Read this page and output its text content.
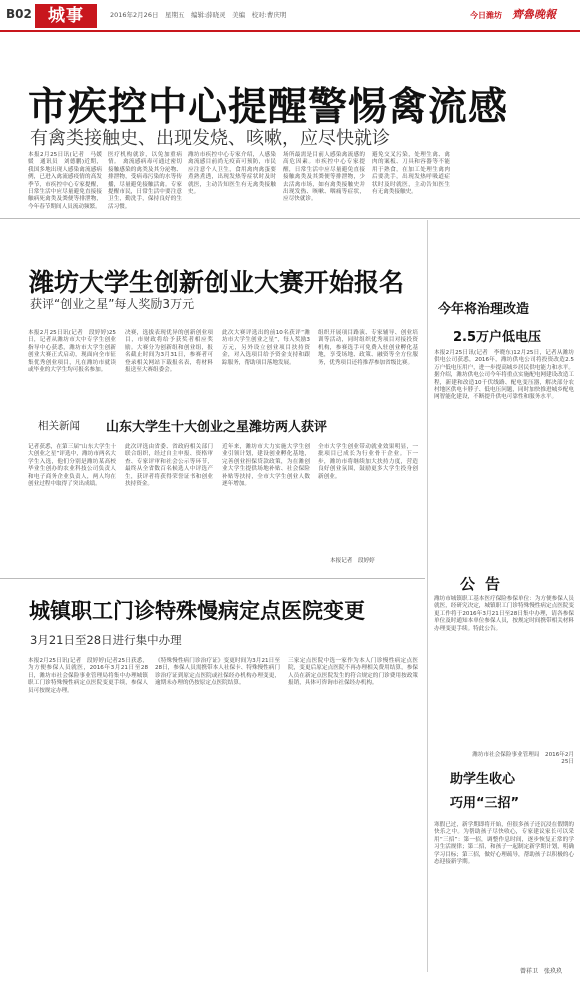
B02 城事	2016年2月26日　星期五　编辑:薛晓灵　美编　校对:曹庆明	今日潍坊 齊魯晚報
市疾控中心提醒警惕禽流感
有禽类接触史、出现发烧、咳嗽，应尽快就诊
本报2月25日讯(记者　马媛媛　通讯员　刘德鹏)近期，我国多地出现人感染禽流感病例，已进入禽流感疫情的高发季节，市疾控中心专家提醒，日常生活中应尽量避免直接接触病死禽类及粪便等排泄物，今年春节期间人员流动频繁。
医疗机构就诊，以免加重病情。　禽流感病毒可通过密切接触感染的禽类及其分泌物、排泄物，受病毒污染的水等传播，尽量避免接触活禽。专家提醒市民，日常生活中要注意卫生，勤洗手，保持良好的生活习惯。
潍坊市疾控中心专家介绍，人感染禽流感目前尚无疫苗可预防，市民应注意个人卫生，食用禽肉禽蛋要煮熟煮透，出现发热等症状时及时就医，主动告知医生有无禽类接触史。
场所最需是目前人感染禽流感的高危因素。市疾控中心专家提醒，日常生活中应尽量避免直接接触禽类及其粪便等排泄物，少去活禽市场，如有禽类接触史并出现发热、咳嗽、咽痛等症状，应尽快就诊。
避免交叉污染，处理生禽、禽肉的案板、刀具和容器等不能用于熟食，在加工处理生禽肉后要洗手，出现发热呼吸道症状时及时就医，主动告知医生有无禽类接触史。
潍坊大学生创新创业大赛开始报名
获评“创业之星”每人奖励3万元
本报2月25日讯(记者　段婷婷)25日，记者从潍坊市大中专学生创业指导中心获悉，潍坊市大学生创新创业大赛正式启动，现面向全市征集优秀创业项目，凡在潍坊市就读或毕业的大学生均可报名参加。
决赛，选拔表现优异的创新创业项目，市财政将给予获奖者相应奖励。大赛分为创新组和创业组，报名截止时间为3月31日，参赛者可登录相关网站下载报名表，将材料报送至大赛组委会。
此次大赛评选出的前10名获评“潍坊市大学生创业之星”，每人奖励3万元，另外设立创业项目扶持资金，对入选项目给予资金支持和跟踪服务，帮助项目落地发展。
组织开展项目路演、专家辅导、创业培训等活动，同时组织优秀项目对接投资机构，参赛选手可免费入驻创业孵化基地，享受场地、政策、融资等全方位服务，优秀项目还将推荐参加省级比赛。
相关新闻 山东大学生十大创业之星潍坊两人获评
记者获悉，在第三届“山东大学生十大创业之星”评选中，潍坊市两名大学生入选，他们分别是潍坊某高校毕业生创办的农业科技公司负责人和电子商务企业负责人，两人均在创业过程中取得了突出成绩。
此次评选由省委、省政府相关部门联合组织，经过自主申报、资格审查、专家评审和社会公示等环节，最终从全省数百名候选人中评选产生，获评者将获得荣誉证书和创业扶持资金。
近年来，潍坊市大力实施大学生创业引领计划，建设创业孵化基地，完善创业担保贷款政策，为在潍创业大学生提供场地补贴、社会保险补贴等扶持，全市大学生创业人数逐年增加。
全市大学生创业带动就业效果明显，一批项目已成长为行业骨干企业。下一步，潍坊市将继续加大扶持力度，营造良好创业氛围，鼓励更多大学生投身创新创业。
本报记者　段婷婷
城镇职工门诊特殊慢病定点医院变更
3月21日至28日进行集中办理
本报2月25日讯(记者　段婷婷)记者25日获悉，为方便参保人员就医，2016年3月21日至28日，潍坊市社会保险事业管理局将集中办理城镇职工门诊特殊慢性病定点医院变更手续，参保人员可按规定办理。
《特殊慢性病门诊治疗证》变更时间为3月21日至28日，参保人员需携带本人社保卡、特殊慢性病门诊治疗证到原定点医院或社保经办机构办理变更，逾期未办理的仍按原定点医院结算。
三家定点医院中选一家作为本人门诊慢性病定点医院，变更后原定点医院不再办理相关费用结算，参保人员在新定点医院发生的符合规定的门诊费用按政策报销，具体可咨询市社保经办机构。
今年将治理改造
2.5万户低电压
本报2月25日讯(记者　李晓东)12月25日，记者从潍坊供电公司获悉，2016年，潍坊供电公司将投资改造2.5万户低电压用户，进一步提高城乡居民供电能力和水平。据介绍，潍坊供电公司今年将重点实施配电网建设改造工程，新建和改造10千伏线路、配电变压器，解决部分农村地区供电卡脖子、低电压问题，同时加快推进城乡配电网智能化建设，不断提升供电可靠性和服务水平。
公告
潍坊市城镇职工基本医疗保险参保单位：为方便参保人员就医，经研究决定，城镇职工门诊特殊慢性病定点医院变更工作将于2016年3月21日至28日集中办理，请各参保单位及时通知本单位参保人员，按规定时间携带相关材料办理变更手续。特此公告。
潍坊市社会保险事业管理局　2016年2月25日
助学生收心
巧用“三招”
寒假已过，新学期即将开始，但很多孩子还沉浸在假期的快乐之中。为帮助孩子尽快收心，专家建议家长可以采用“三招”：第一招，调整作息时间，逐步恢复正常的学习生活规律；第二招，和孩子一起制定新学期计划，明确学习目标；第三招，做好心理疏导，帮助孩子以积极的心态迎接新学期。
曾祥卫　张玖玖
